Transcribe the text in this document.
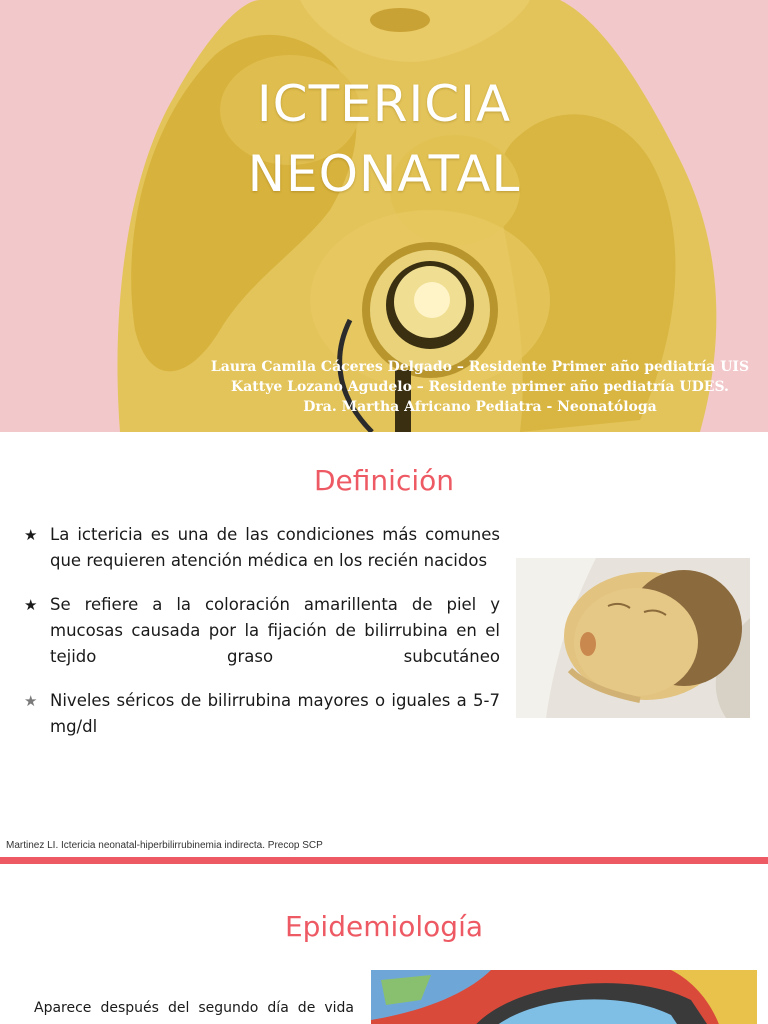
ICTERICIA
NEONATAL
Laura Camila Cáceres Delgado – Residente Primer año pediatría UIS
Kattye Lozano Agudelo – Residente primer año pediatría UDES.
Dra. Martha Africano Pediatra - Neonatóloga
Definición
★ La ictericia es una de las condiciones más comunes que requieren atención médica en los recién nacidos
★ Se refiere a la coloración amarillenta de piel y mucosas causada por la fijación de bilirrubina en el tejido graso subcutáneo
★ Niveles séricos de bilirrubina mayores o iguales a 5-7 mg/dl
Martinez LI. Ictericia neonatal-hiperbilirrubinemia indirecta. Precop SCP
Epidemiología
Aparece después del segundo día de vida
